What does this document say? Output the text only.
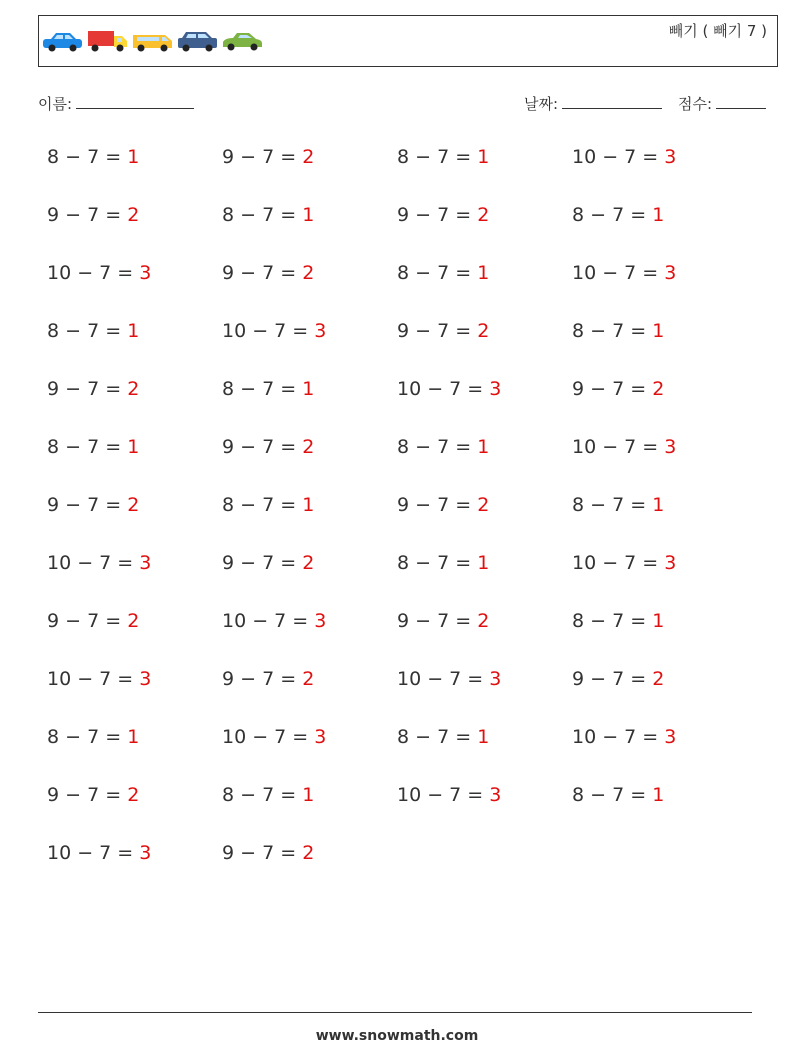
빼기 ( 빼기 7 )
이름:	날짜:	점수:
8 − 7 = 1	9 − 7 = 2	8 − 7 = 1	10 − 7 = 3
9 − 7 = 2	8 − 7 = 1	9 − 7 = 2	8 − 7 = 1
10 − 7 = 3	9 − 7 = 2	8 − 7 = 1	10 − 7 = 3
8 − 7 = 1	10 − 7 = 3	9 − 7 = 2	8 − 7 = 1
9 − 7 = 2	8 − 7 = 1	10 − 7 = 3	9 − 7 = 2
8 − 7 = 1	9 − 7 = 2	8 − 7 = 1	10 − 7 = 3
9 − 7 = 2	8 − 7 = 1	9 − 7 = 2	8 − 7 = 1
10 − 7 = 3	9 − 7 = 2	8 − 7 = 1	10 − 7 = 3
9 − 7 = 2	10 − 7 = 3	9 − 7 = 2	8 − 7 = 1
10 − 7 = 3	9 − 7 = 2	10 − 7 = 3	9 − 7 = 2
8 − 7 = 1	10 − 7 = 3	8 − 7 = 1	10 − 7 = 3
9 − 7 = 2	8 − 7 = 1	10 − 7 = 3	8 − 7 = 1
10 − 7 = 3	9 − 7 = 2
www.snowmath.com
